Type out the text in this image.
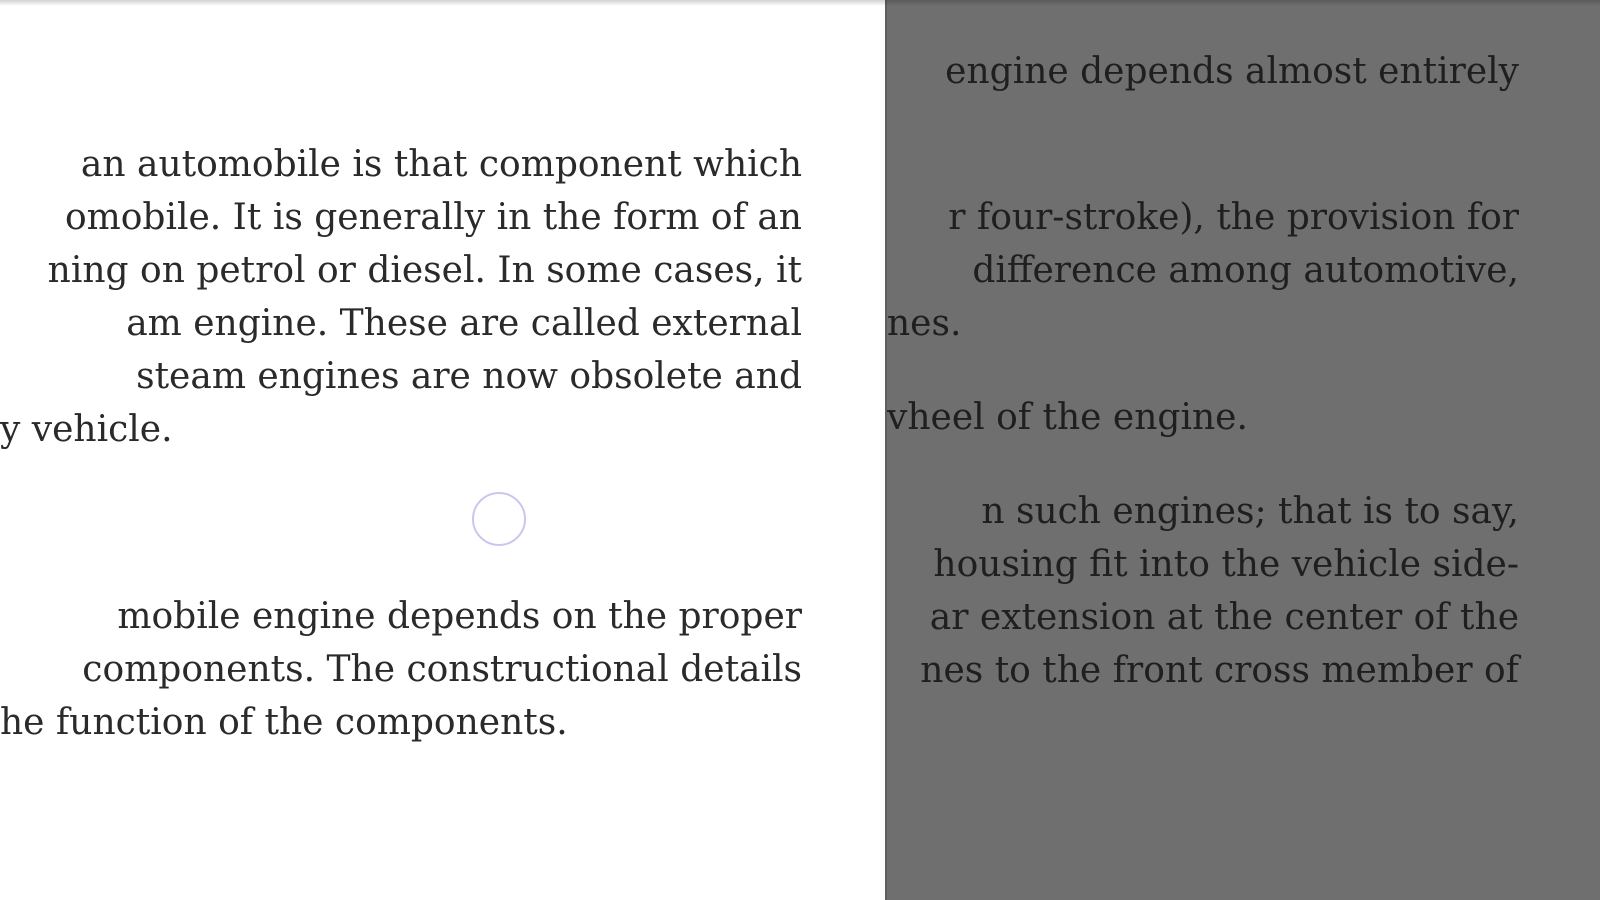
an automobile is that component which
omobile. It is generally in the form of an
ning on petrol or diesel. In some cases, it
am engine. These are called external
steam engines are now obsolete and
y vehicle.
mobile engine depends on the proper
components. The constructional details
he function of the components.
engine depends almost entirely
r four-stroke), the provision for
difference among automotive,
nes.
vheel of the engine.
n such engines; that is to say,
housing fit into the vehicle side-
ar extension at the center of the
nes to the front cross member of
